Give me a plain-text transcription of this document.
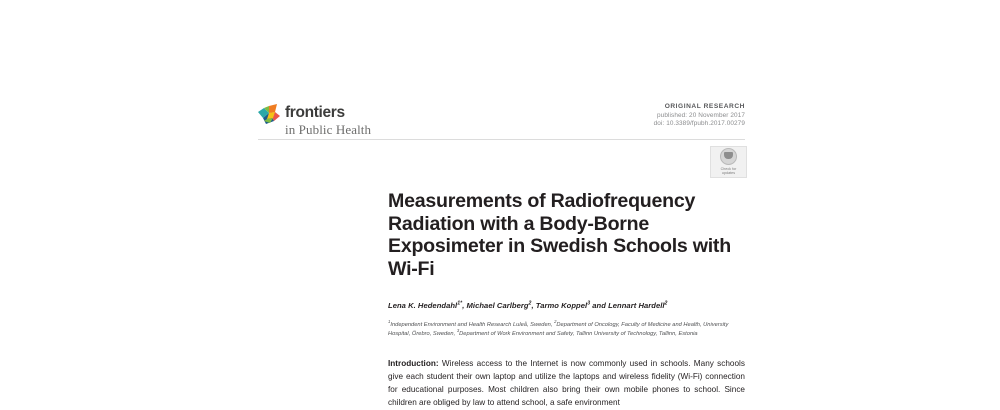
frontiers
in Public Health
ORIGINAL RESEARCH
published: 20 November 2017
doi: 10.3389/fpubh.2017.00279
Check for
updates
Measurements of Radiofrequency Radiation with a Body-Borne Exposimeter in Swedish Schools with Wi-Fi

Lena K. Hedendahl$^{1*}$, Michael Carlberg$^2$, Tarmo Koppel$^3$ and Lennart Hardell$^2$

$^1$Independent Environment and Health Research Luleå, Sweden, $^2$Department of Oncology, Faculty of Medicine and Health, University Hospital, Örebro, Sweden, $^3$Department of Work Environment and Safety, Tallinn University of Technology, Tallinn, Estonia

Introduction: Wireless access to the Internet is now commonly used in schools. Many schools give each student their own laptop and utilize the laptops and wireless fidelity (Wi-Fi) connection for educational purposes. Most children also bring their own mobile phones to school. Since children are obliged by law to attend school, a safe environment
